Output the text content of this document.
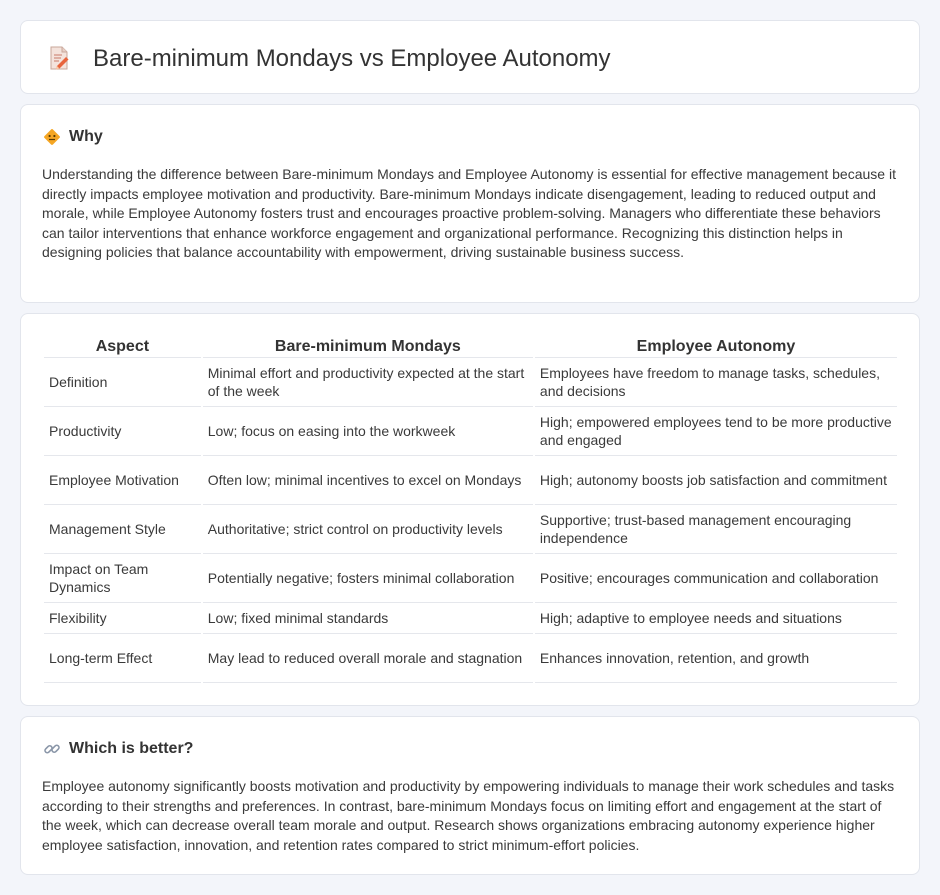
Bare-minimum Mondays vs Employee Autonomy
Why

Understanding the difference between Bare-minimum Mondays and Employee Autonomy is essential for effective management because it directly impacts employee motivation and productivity. Bare-minimum Mondays indicate disengagement, leading to reduced output and morale, while Employee Autonomy fosters trust and encourages proactive problem-solving. Managers who differentiate these behaviors can tailor interventions that enhance workforce engagement and organizational performance. Recognizing this distinction helps in designing policies that balance accountability with empowerment, driving sustainable business success.

Aspect	Bare-minimum Mondays	Employee Autonomy
Definition	Minimal effort and productivity expected at the start of the week	Employees have freedom to manage tasks, schedules, and decisions
Productivity	Low; focus on easing into the workweek	High; empowered employees tend to be more productive and engaged
Employee Motivation	Often low; minimal incentives to excel on Mondays	High; autonomy boosts job satisfaction and commitment
Management Style	Authoritative; strict control on productivity levels	Supportive; trust-based management encouraging independence
Impact on Team Dynamics	Potentially negative; fosters minimal collaboration	Positive; encourages communication and collaboration
Flexibility	Low; fixed minimal standards	High; adaptive to employee needs and situations
Long-term Effect	May lead to reduced overall morale and stagnation	Enhances innovation, retention, and growth
Which is better?

Employee autonomy significantly boosts motivation and productivity by empowering individuals to manage their work schedules and tasks according to their strengths and preferences. In contrast, bare-minimum Mondays focus on limiting effort and engagement at the start of the week, which can decrease overall team morale and output. Research shows organizations embracing autonomy experience higher employee satisfaction, innovation, and retention rates compared to strict minimum-effort policies.
